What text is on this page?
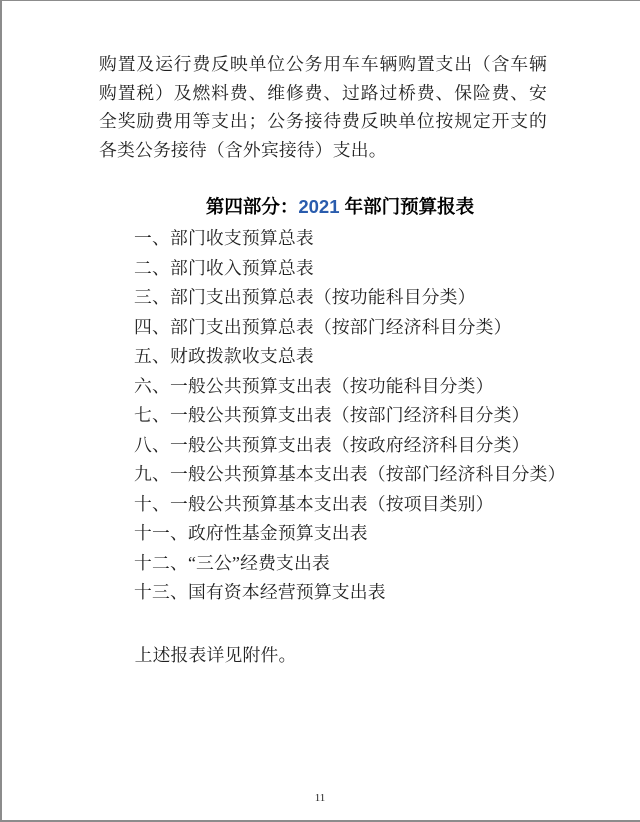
购置及运行费反映单位公务用车车辆购置支出（含车辆购置税）及燃料费、维修费、过路过桥费、保险费、安全奖励费用等支出；公务接待费反映单位按规定开支的各类公务接待（含外宾接待）支出。
第四部分：2021 年部门预算报表
一、部门收支预算总表
二、部门收入预算总表
三、部门支出预算总表（按功能科目分类）
四、部门支出预算总表（按部门经济科目分类）
五、财政拨款收支总表
六、一般公共预算支出表（按功能科目分类）
七、一般公共预算支出表（按部门经济科目分类）
八、一般公共预算支出表（按政府经济科目分类）
九、一般公共预算基本支出表（按部门经济科目分类）
十、一般公共预算基本支出表（按项目类别）
十一、政府性基金预算支出表
十二、“三公”经费支出表
十三、国有资本经营预算支出表
上述报表详见附件。
11
